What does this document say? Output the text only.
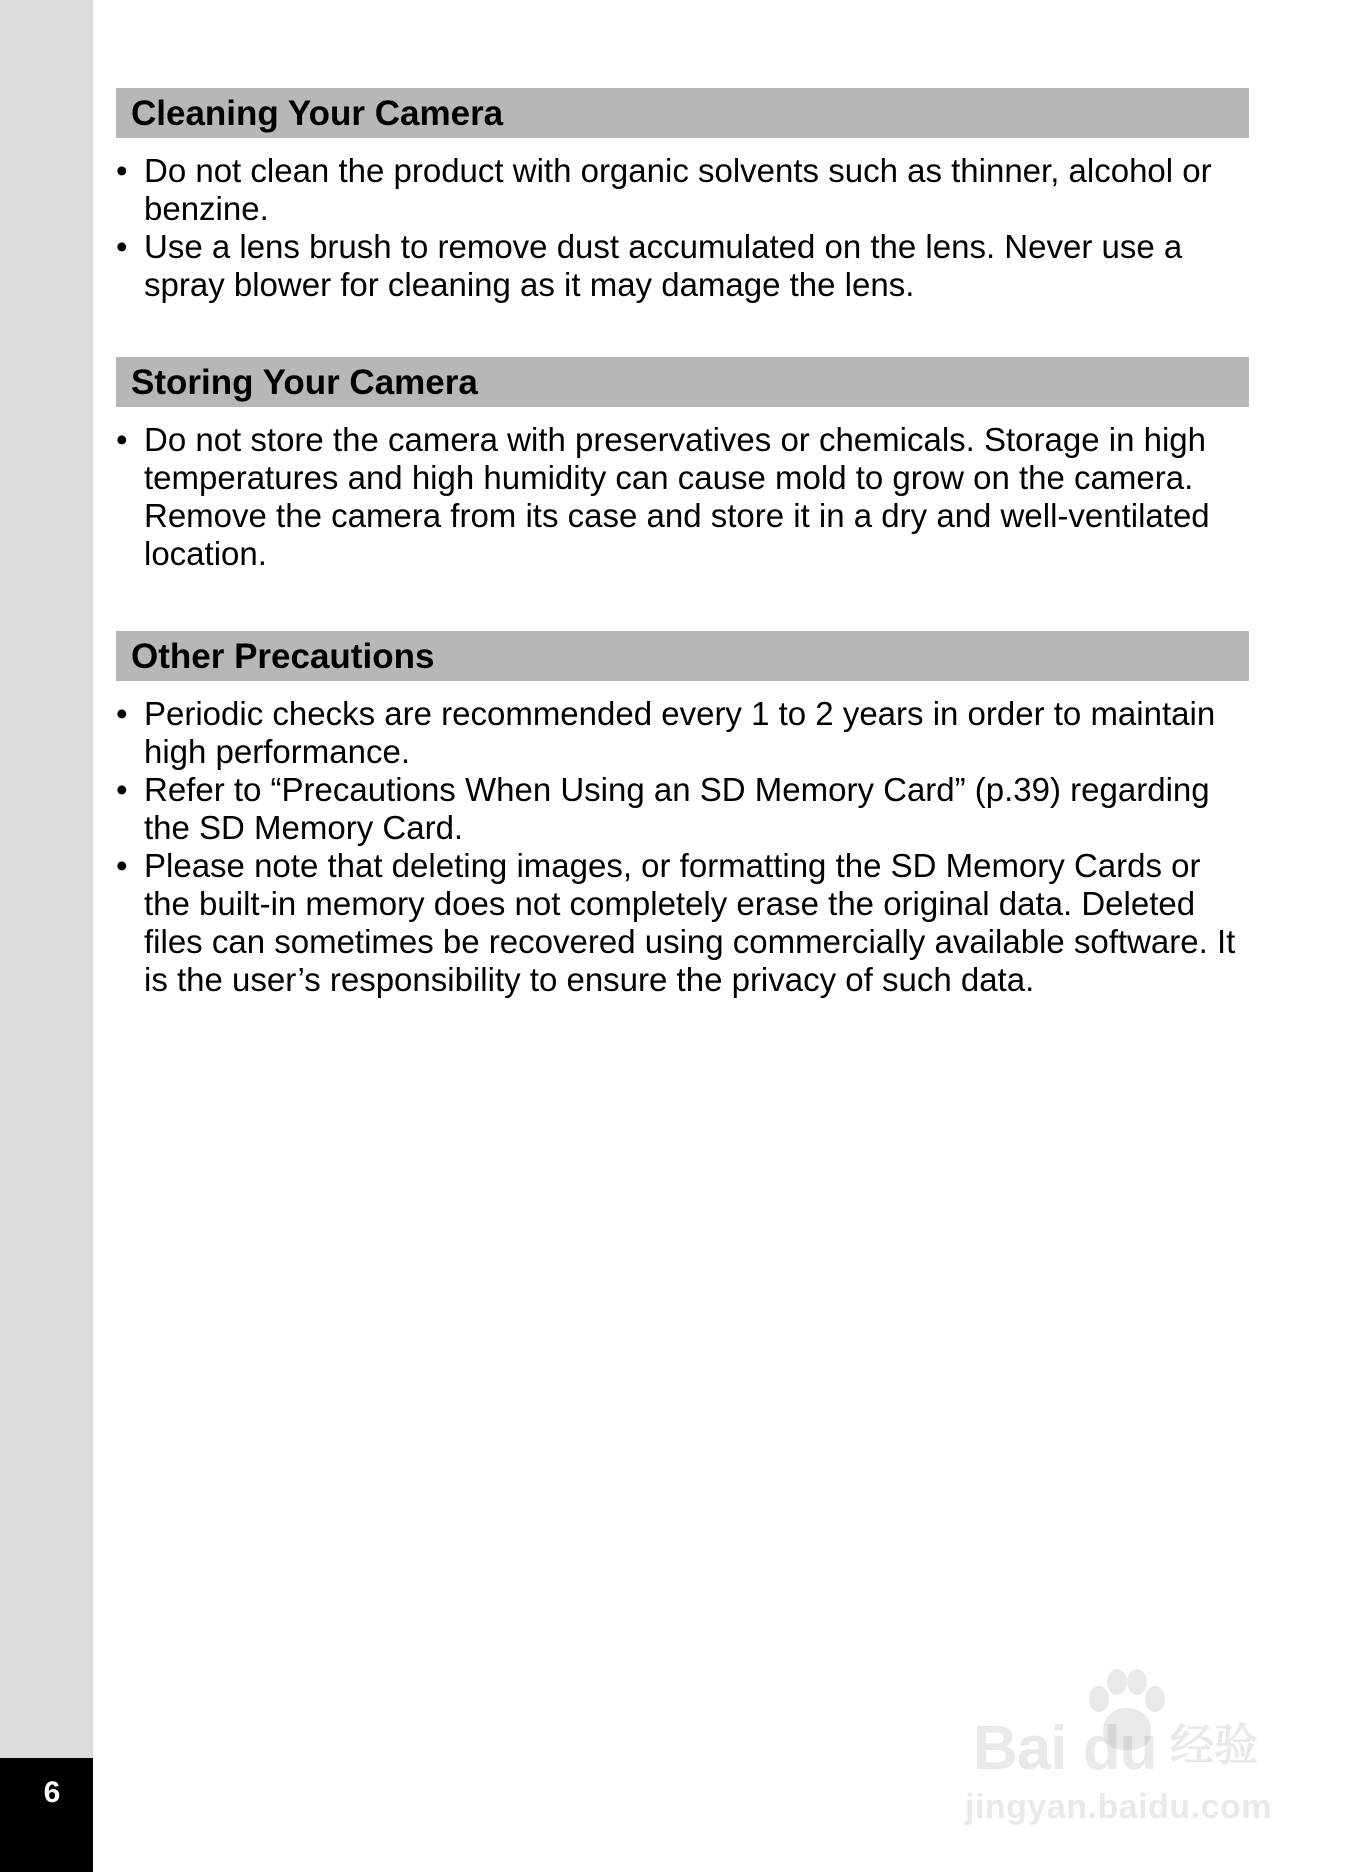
6
Cleaning Your Camera
• Do not clean the product with organic solvents such as thinner, alcohol or benzine.
• Use a lens brush to remove dust accumulated on the lens. Never use a spray blower for cleaning as it may damage the lens.
Storing Your Camera
• Do not store the camera with preservatives or chemicals. Storage in high temperatures and high humidity can cause mold to grow on the camera. Remove the camera from its case and store it in a dry and well-ventilated location.
Other Precautions
• Periodic checks are recommended every 1 to 2 years in order to maintain high performance.
• Refer to “Precautions When Using an SD Memory Card” (p.39) regarding the SD Memory Card.
• Please note that deleting images, or formatting the SD Memory Cards or the built-in memory does not completely erase the original data. Deleted files can sometimes be recovered using commercially available software. It is the user’s responsibility to ensure the privacy of such data.
Bai du 经验
jingyan.baidu.com
